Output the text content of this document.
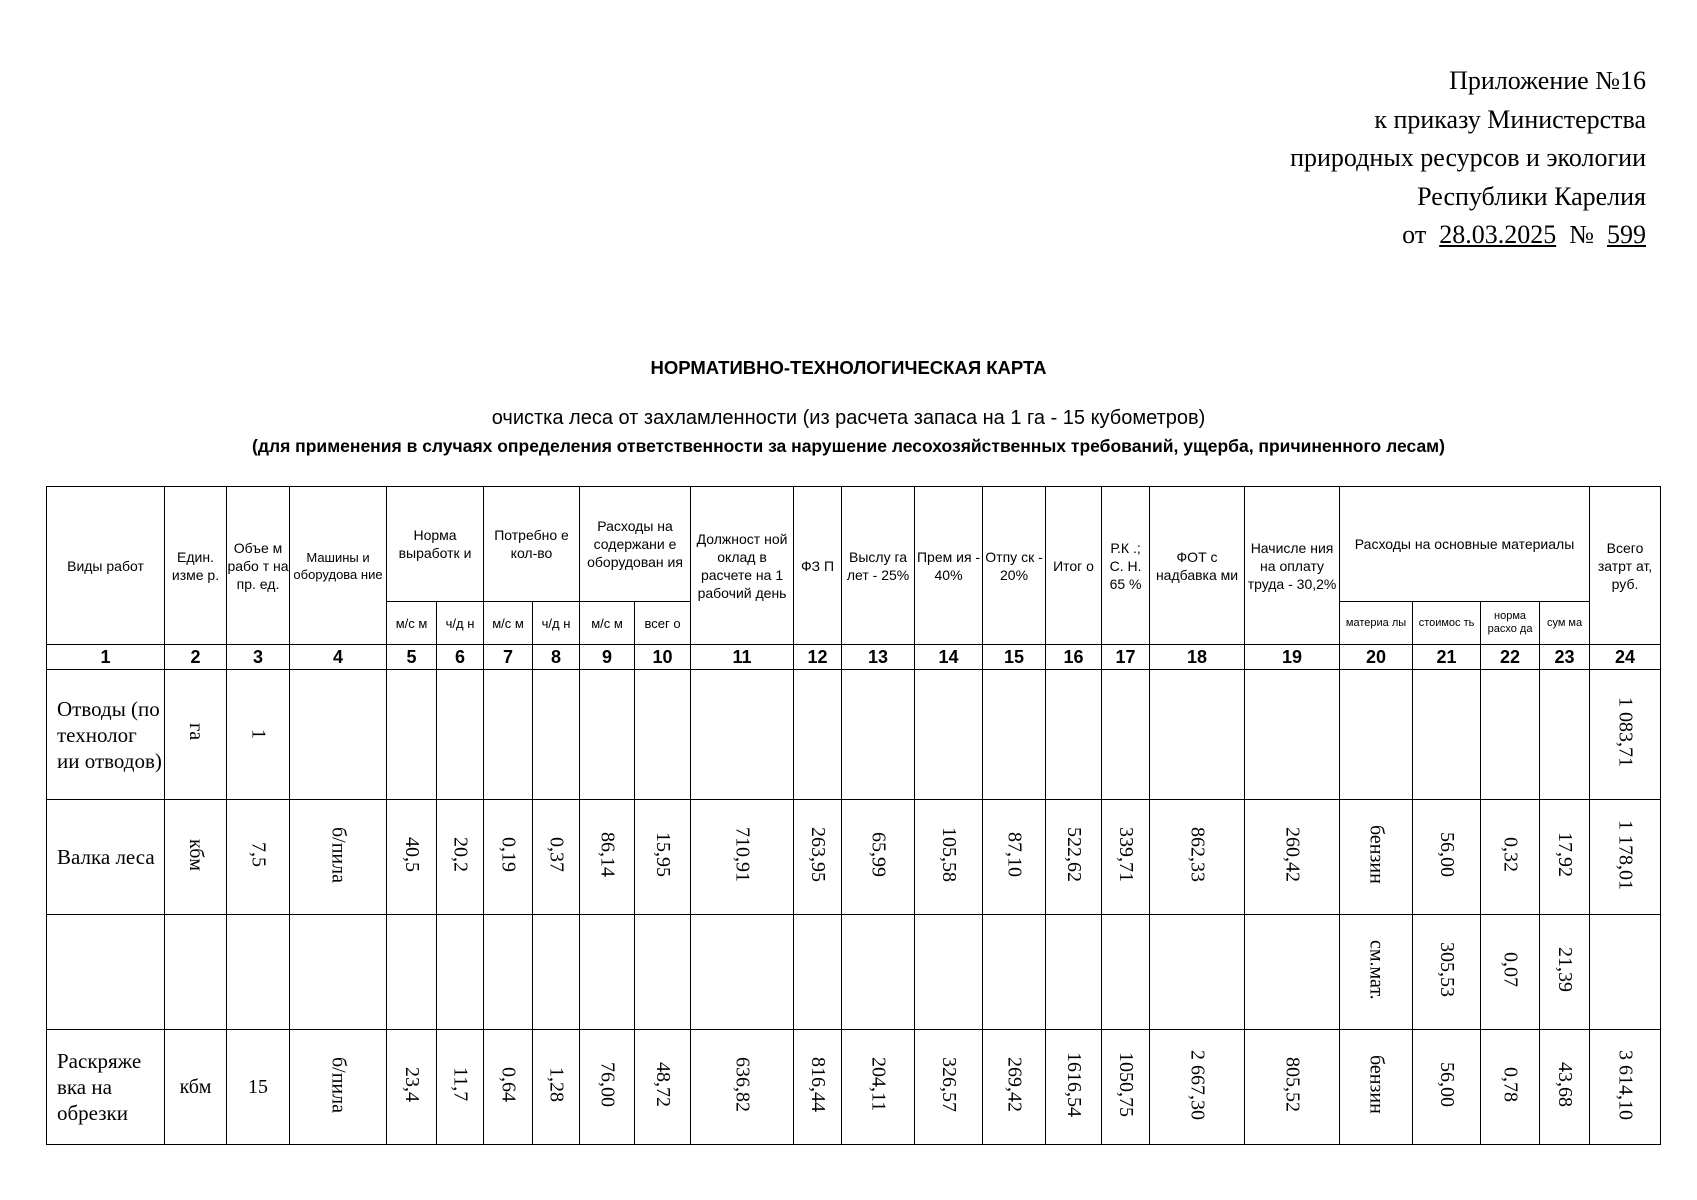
Приложение №16
к приказу Министерства
природных ресурсов и экологии
Республики Карелия
от 28.03.2025 № 599
НОРМАТИВНО-ТЕХНОЛОГИЧЕСКАЯ КАРТА
очистка леса от захламленности (из расчета запаса на 1 га - 15 кубометров)
(для применения в случаях определения ответственности за нарушение лесохозяйственных требований, ущерба, причиненного лесам)
Виды работ	Един. изме р.	Объе м рабо т на пр. ед.	Машины и оборудова ние	Норма выработк и		Потребно е кол-во		Расходы на содержани е оборудован ия		Должност ной оклад в расчете на 1 рабочий день	ФЗ П	Выслу га лет - 25%	Прем ия - 40%	Отпу ск - 20%	Итог о	Р.К .; С. Н. 65 %	ФОТ с надбавка ми	Начисле ния на оплату труда - 30,2%	Расходы на основные материалы				Всего затрт ат, руб.
				м/с м	ч/д н	м/с м	ч/д н	м/с м	всег о										материа лы	стоимос ть	норма расхо да	сум ма	
1	2	3	4	5	6	7	8	9	10	11	12	13	14	15	16	17	18	19	20	21	22	23	24
Отводы (по технолог ии отводов)	га	1																					1 083,71
Валка леса	кбм	7,5	б/пила	40,5	20,2	0,19	0,37	86,14	15,95	710,91	263,95	65,99	105,58	87,10	522,62	339,71	862,33	260,42	бензин	56,00	0,32	17,92	1 178,01
																			см.мат.	305,53	0,07	21,39	
Раскряже вка на обрезки	кбм	15	б/пила	23,4	11,7	0,64	1,28	76,00	48,72	636,82	816,44	204,11	326,57	269,42	1616,54	1050,75	2 667,30	805,52	бензин	56,00	0,78	43,68	3 614,10
